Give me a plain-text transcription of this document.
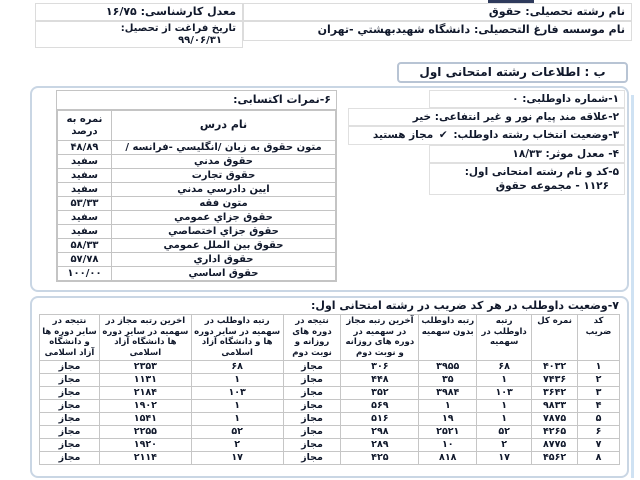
نام رشته تحصیلی: حقوق
معدل کارشناسی: ۱۶/۷۵
نام موسسه فارغ التحصیلی: دانشگاه شهیدبهشتي -تهران
تاریخ فراغت از تحصیل:
۹۹/۰۶/۳۱
ب : اطلاعات رشته امتحانی اول
۱-شماره داوطلبی: ۰
۲-علاقه مند پیام نور و غیر انتفاعی: خیر
۳-وضعیت انتخاب رشته داوطلب: ✔ مجاز هستید
۴- معدل موثر: ۱۸/۳۳
۵-کد و نام رشته امتحانی اول:
۱۱۲۶ - مجموعه حقوق
۶-نمرات اکتسابی:
نام درس	نمره به درصد
متون حقوق به زبان /انگلیسي -فرانسه /	۴۸/۸۹
حقوق مدني	سفید
حقوق تجارت	سفید
ایین دادرسي مدني	سفید
متون فقه	۵۳/۳۳
حقوق جزاي عمومي	سفید
حقوق جزاي اختصاصي	سفید
حقوق بین الملل عمومي	۵۸/۳۳
حقوق اداري	۵۷/۷۸
حقوق اساسي	۱۰۰/۰۰
۷-وضعیت داوطلب در هر کد ضریب در رشته امتحانی اول:
کد ضریب	نمره کل	رتبه داوطلب در سهمیه	رتبه داوطلب بدون سهمیه	آخرین رتبه مجاز در سهمیه در دوره های روزانه و نوبت دوم	نتیجه در دوره های روزانه و نوبت دوم	رتبه داوطلب در سهمیه در سایر دوره ها و دانشگاه آزاد اسلامی	اخرین رتبه مجاز در سهمیه در سایر دوره ها دانشگاه آزاد اسلامی	نتیجه در سایر دوره ها و دانشگاه آزاد اسلامی
۱	۴۰۳۲	۶۸	۳۹۵۵	۳۰۶	مجاز	۶۸	۲۳۵۳	مجاز
۲	۷۴۳۶	۱	۳۵	۴۴۸	مجاز	۱	۱۱۳۱	مجاز
۳	۳۶۴۲	۱۰۳	۳۹۸۴	۳۵۲	مجاز	۱۰۳	۲۱۸۴	مجاز
۴	۹۸۳۳	۱	۱	۵۶۹	مجاز	۱	۱۹۰۲	مجاز
۵	۷۸۷۵	۱	۱۹	۵۱۶	مجاز	۱	۱۵۴۱	مجاز
۶	۴۲۶۵	۵۲	۲۵۲۱	۲۹۸	مجاز	۵۲	۲۲۵۵	مجاز
۷	۸۷۷۵	۲	۱۰	۲۸۹	مجاز	۲	۱۹۲۰	مجاز
۸	۴۵۶۲	۱۷	۸۱۸	۴۲۵	مجاز	۱۷	۲۱۱۴	مجاز
